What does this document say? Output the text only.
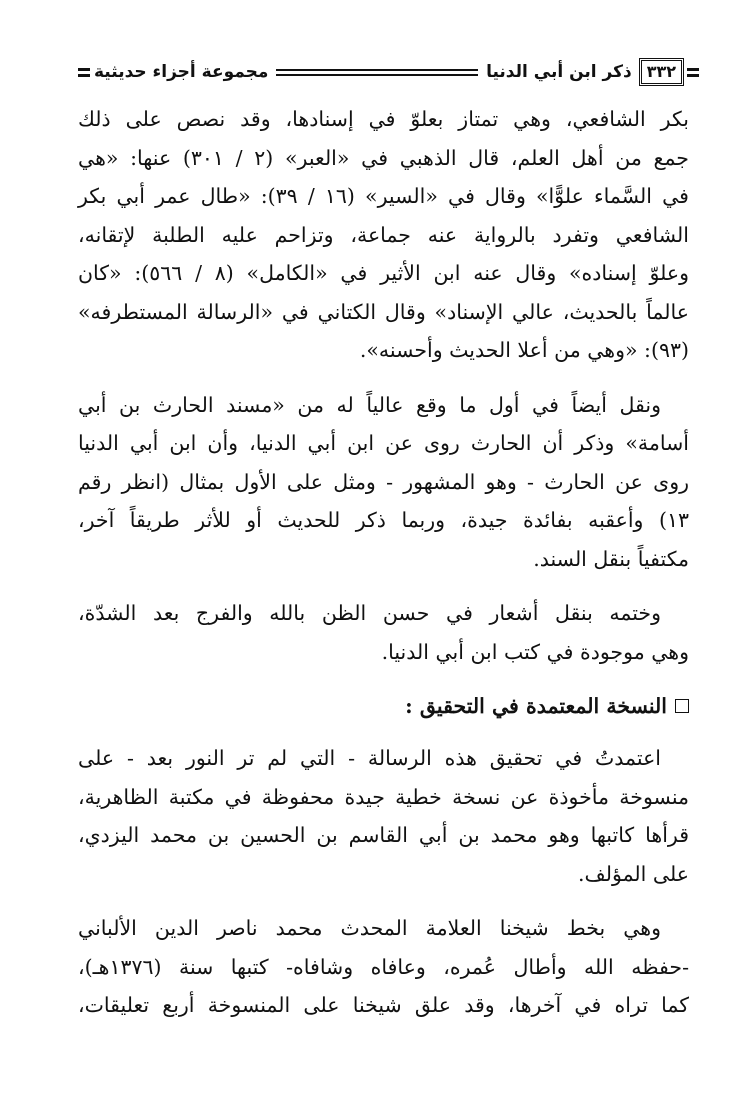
٣٣٢
ذكر ابن أبي الدنيا
مجموعة أجزاء حديثية

بكر الشافعي، وهي تمتاز بعلوّ في إسنادها، وقد نصص على ذلك
جمع من أهل العلم، قال الذهبي في «العبر» (٢ / ٣٠١) عنها: «هي
في السَّماء علوًّا» وقال في «السير» (١٦ / ٣٩): «طال عمر أبي بكر
الشافعي وتفرد بالرواية عنه جماعة، وتزاحم عليه الطلبة لإتقانه،
وعلوّ إسناده» وقال عنه ابن الأثير في «الكامل» (٨ / ٥٦٦): «كان
عالماً بالحديث، عالي الإسناد» وقال الكتاني في «الرسالة المستطرفه»
(٩٣): «وهي من أعلا الحديث وأحسنه».

ونقل أيضاً في أول ما وقع عالياً له من «مسند الحارث بن أبي
أسامة» وذكر أن الحارث روى عن ابن أبي الدنيا، وأن ابن أبي الدنيا
روى عن الحارث - وهو المشهور - ومثل على الأول بمثال (انظر رقم
١٣) وأعقبه بفائدة جيدة، وربما ذكر للحديث أو للأثر طريقاً آخر،
مكتفياً بنقل السند.

وختمه بنقل أشعار في حسن الظن بالله والفرج بعد الشدّة،
وهي موجودة في كتب ابن أبي الدنيا.

النسخة المعتمدة في التحقيق :

اعتمدتُ في تحقيق هذه الرسالة - التي لم تر النور بعد - على
منسوخة مأخوذة عن نسخة خطية جيدة محفوظة في مكتبة الظاهرية،
قرأها كاتبها وهو محمد بن أبي القاسم بن الحسين بن محمد اليزدي،
على المؤلف.

وهي بخط شيخنا العلامة المحدث محمد ناصر الدين الألباني
-حفظه الله وأطال عُمره، وعافاه وشافاه- كتبها سنة (١٣٧٦هـ)،
كما تراه في آخرها، وقد علق شيخنا على المنسوخة أربع تعليقات،
